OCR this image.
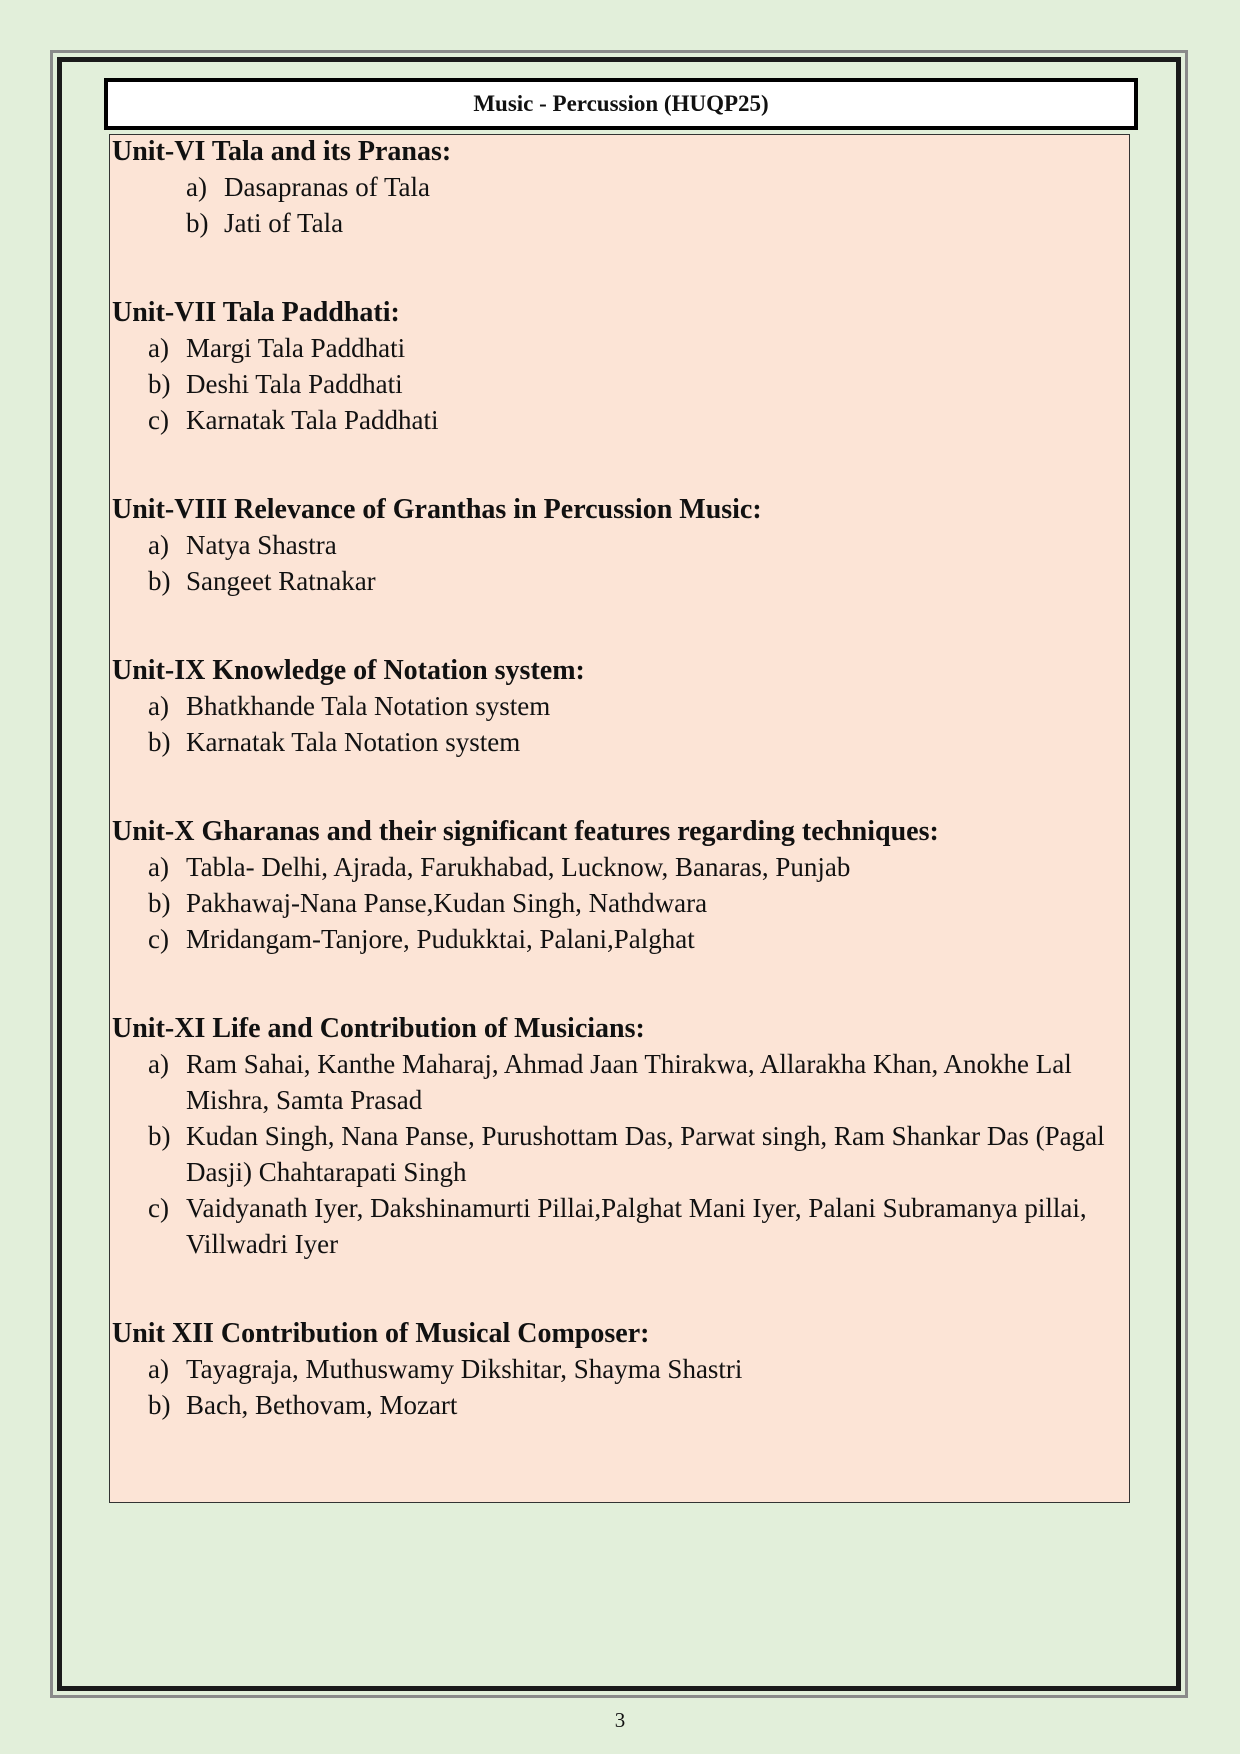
Music - Percussion (HUQP25)

Unit-VI Tala and its Pranas:

a) Dasapranas of Tala
b) Jati of Tala

Unit-VII Tala Paddhati:

a) Margi Tala Paddhati
b) Deshi Tala Paddhati
c) Karnatak Tala Paddhati

Unit-VIII Relevance of Granthas in Percussion Music:

a) Natya Shastra
b) Sangeet Ratnakar

Unit-IX Knowledge of Notation system:

a) Bhatkhande Tala Notation system
b) Karnatak Tala Notation system

Unit-X Gharanas and their significant features regarding techniques:

a) Tabla- Delhi, Ajrada, Farukhabad, Lucknow, Banaras, Punjab
b) Pakhawaj-Nana Panse,Kudan Singh, Nathdwara
c) Mridangam-Tanjore, Pudukktai, Palani,Palghat

Unit-XI Life and Contribution of Musicians:

a) Ram Sahai, Kanthe Maharaj, Ahmad Jaan Thirakwa, Allarakha Khan, Anokhe Lal Mishra, Samta Prasad
b) Kudan Singh, Nana Panse, Purushottam Das, Parwat singh, Ram Shankar Das (Pagal Dasji) Chahtarapati Singh
c) Vaidyanath Iyer, Dakshinamurti Pillai,Palghat Mani Iyer, Palani Subramanya pillai, Villwadri Iyer

Unit XII Contribution of Musical Composer:

a) Tayagraja, Muthuswamy Dikshitar, Shayma Shastri
b) Bach, Bethovam, Mozart
3
